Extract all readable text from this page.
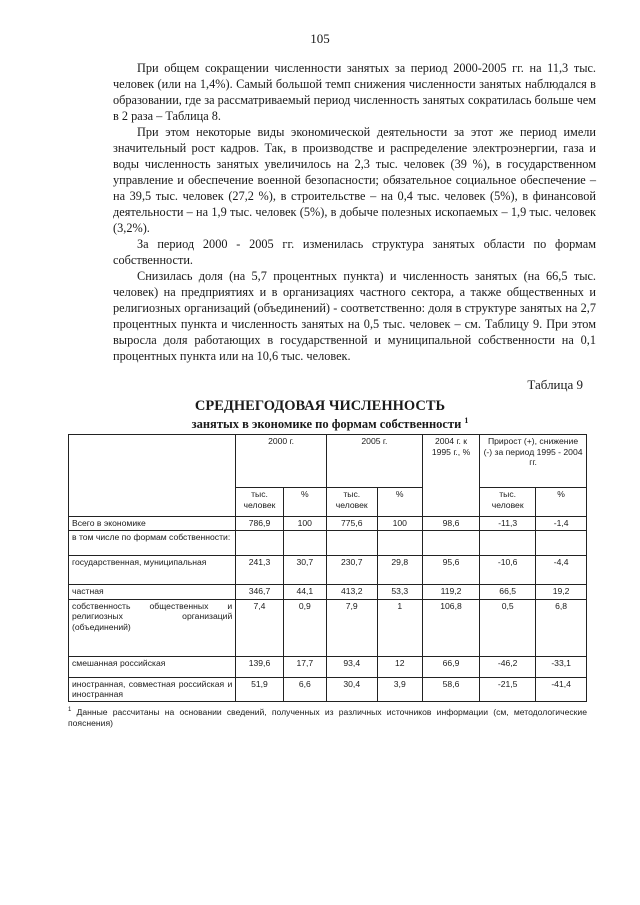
105

При общем сокращении численности занятых за период 2000-2005 гг. на 11,3 тыс. человек (или на 1,4%). Самый большой темп снижения численности занятых наблюдался в образовании, где за рассматриваемый период численность занятых сократилась больше чем в 2 раза – Таблица 8.

При этом некоторые виды экономической деятельности за этот же период имели значительный рост кадров. Так, в производстве и распределение электроэнергии, газа и воды численность занятых увеличилось на 2,3 тыс. человек (39 %), в государственном управление и обеспечение военной безопасности; обязательное социальное обеспечение – на 39,5 тыс. человек (27,2 %), в строительстве – на 0,4 тыс. человек (5%), в финансовой деятельности – на 1,9 тыс. человек (5%), в добыче полезных ископаемых – 1,9 тыс. человек (3,2%).

За период 2000 - 2005 гг. изменилась структура занятых области по формам собственности.

Снизилась доля (на 5,7 процентных пункта) и численность занятых (на 66,5 тыс. человек) на предприятиях и в организациях частного сектора, а также общественных и религиозных организаций (объединений) - соответственно: доля в структуре занятых на 2,7 процентных пункта и численность занятых на 0,5 тыс. человек – см. Таблицу 9. При этом выросла доля работающих в государственной и муниципальной собственности на 0,1 процентных пункта или на 10,6 тыс. человек.

Таблица 9
СРЕДНЕГОДОВАЯ ЧИСЛЕННОСТЬ
занятых в экономике по формам собственности $^1$
	2000 г.		2005 г.		2004 г. к 1995 г., %	Прирост (+), снижение (-) за период 1995 - 2004 гг.	
	тыс. человек	%	тыс. человек	%		тыс. человек	%
Всего в экономике	786,9	100	775,6	100	98,6	-11,3	-1,4
в том числе по формам собственности:							
государственная, муниципальная	241,3	30,7	230,7	29,8	95,6	-10,6	-4,4
частная	346,7	44,1	413,2	53,3	119,2	66,5	19,2
собственность общественных и религиозных организаций (объединений)	7,4	0,9	7,9	1	106,8	0,5	6,8
смешанная российская	139,6	17,7	93,4	12	66,9	-46,2	-33,1
иностранная, совместная российская и иностранная	51,9	6,6	30,4	3,9	58,6	-21,5	-41,4
$^1$ Данные рассчитаны на основании сведений, полученных из различных источников информации (см, методологические пояснения)
